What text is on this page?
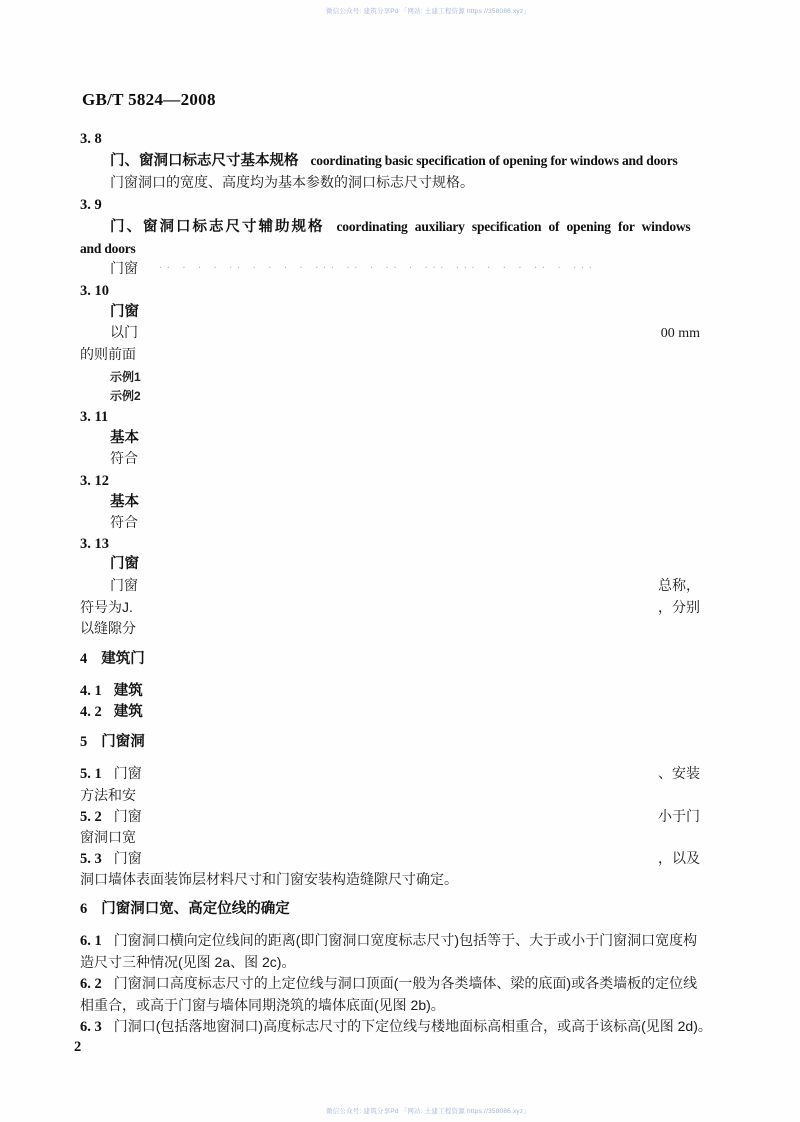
微信公众号: 建筑分享Pd 「网站: 土建工程资源 https://358086.xyz」
微信公众号: 建筑分享Pd 「网站: 土建工程资源 https://358086.xyz」
GB/T 5824—2008
3. 8
门、窗洞口标志尺寸基本规格 coordinating basic specification of opening for windows and doors
门窗洞口的宽度、高度均为基本参数的洞口标志尺寸规格。
3. 9
门、窗洞口标志尺寸辅助规格 coordinating auxiliary specification of opening for windows
and doors
门窗	·· · · · ·· · · · · ··· ·· · ·· · ··· ··· · · · ·· · ···
3. 10
门窗
以门	00 mm
的则前面
示例1
示例2
3. 11
基本
符合
3. 12
基本
符合
3. 13
门窗
门窗	总称，
符号为J.	，分别
以缝隙分
4 建筑门
4. 1 建筑
4. 2 建筑
5 门窗洞
5. 1 门窗	、安装
方法和安
5. 2 门窗	小于门
窗洞口宽
5. 3 门窗	，以及
洞口墙体表面装饰层材料尺寸和门窗安装构造缝隙尺寸确定。
6 门窗洞口宽、高定位线的确定
6. 1 门窗洞口横向定位线间的距离(即门窗洞口宽度标志尺寸)包括等于、大于或小于门窗洞口宽度构
造尺寸三种情况(见图 2a、图 2c)。
6. 2 门窗洞口高度标志尺寸的上定位线与洞口顶面(一般为各类墙体、梁的底面)或各类墙板的定位线
相重合，或高于门窗与墙体同期浇筑的墙体底面(见图 2b)。
6. 3 门洞口(包括落地窗洞口)高度标志尺寸的下定位线与楼地面标高相重合，或高于该标高(见图 2d)。
2
